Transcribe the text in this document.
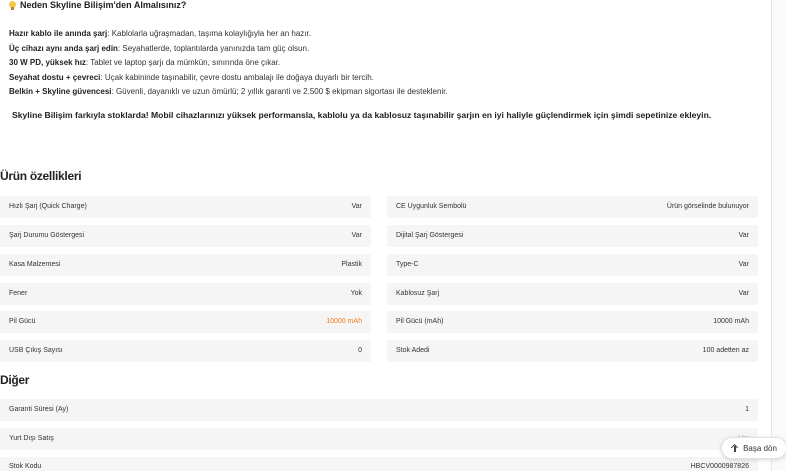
Neden Skyline Bilişim'den Almalısınız?
Hazır kablo ile anında şarj: Kablolarla uğraşmadan, taşıma kolaylığıyla her an hazır.
Üç cihazı aynı anda şarj edin: Seyahatlerde, toplantılarda yanınızda tam güç olsun.
30 W PD, yüksek hız: Tablet ve laptop şarjı da mümkün, sınırında öne çıkar.
Seyahat dostu + çevreci: Uçak kabininde taşınabilir, çevre dostu ambalajı ile doğaya duyarlı bir tercih.
Belkin + Skyline güvencesi: Güvenli, dayanıklı ve uzun ömürlü; 2 yıllık garanti ve 2.500 $ ekipman sigortası ile desteklenir.
Skyline Bilişim farkıyla stoklarda! Mobil cihazlarınızı yüksek performansla, kablolu ya da kablosuz taşınabilir şarjın en iyi haliyle güçlendirmek için şimdi sepetinize ekleyin.
Ürün özellikleri
Hızlı Şarj (Quick Charge)	Var
Şarj Durumu Göstergesi	Var
Kasa Malzemesi	Plastik
Fener	Yok
Pil Gücü	10000 mAh
USB Çıkış Sayısı	0
CE Uygunluk Sembolü	Ürün görselinde bulunuyor
Dijital Şarj Göstergesi	Var
Type-C	Var
Kablosuz Şarj	Var
Pil Gücü (mAh)	10000 mAh
Stok Adedi	100 adetten az
Diğer
Garanti Süresi (Ay)	1
Yurt Dışı Satış
Stok Kodu	HBCV0000987826
Başa dön
